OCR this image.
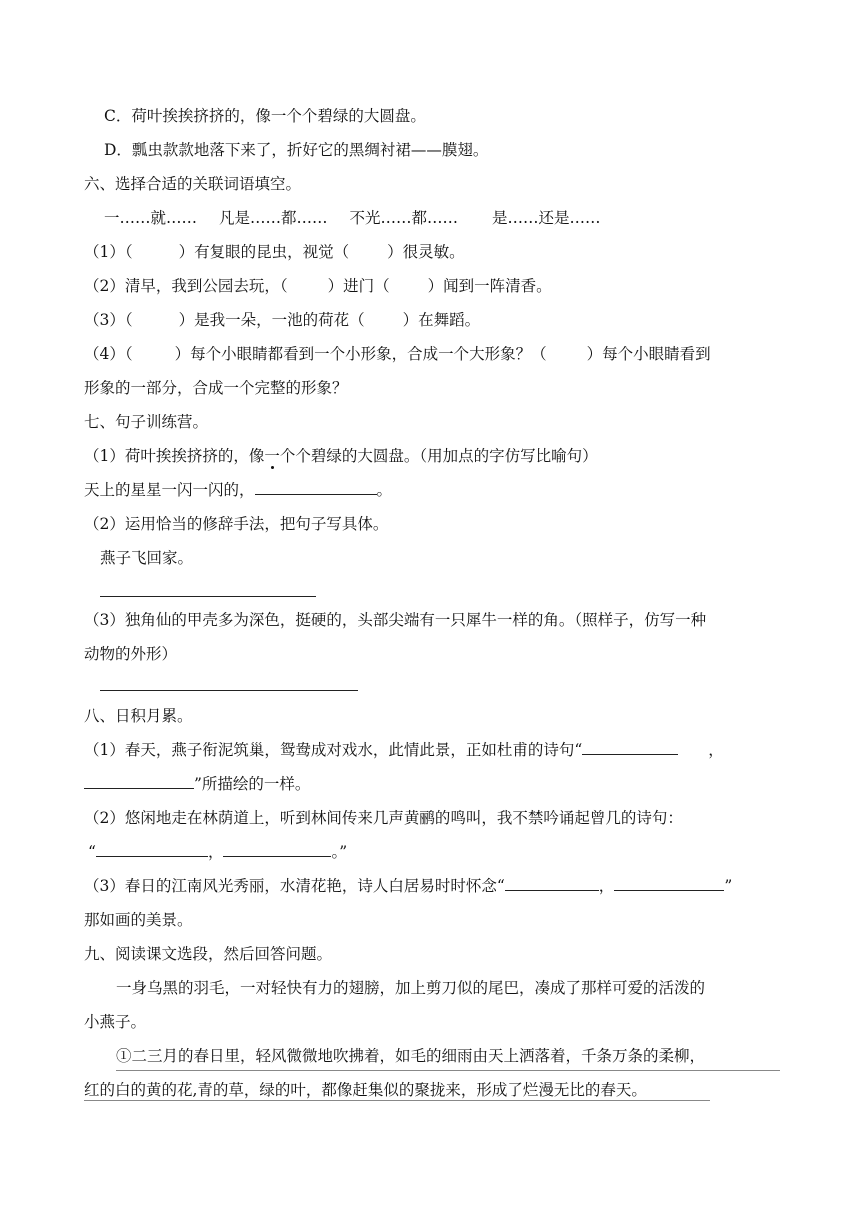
C．荷叶挨挨挤挤的，像一个个碧绿的大圆盘。
D．瓢虫款款地落下来了，折好它的黑绸衬裙——膜翅。
六、选择合适的关联词语填空。
一……就…… 凡是……都…… 不光……都…… 是……还是……
（1）（	）有复眼的昆虫，视觉（ ）很灵敏。
（2）清早，我到公园去玩，（	）进门（ ）闻到一阵清香。
（3）（	）是我一朵，一池的荷花（ ）在舞蹈。
（4）（	）每个小眼睛都看到一个小形象，合成一个大形象？（	）每个小眼睛看到
形象的一部分，合成一个完整的形象？
七、句子训练营。
（1）荷叶挨挨挤挤的，像一个个碧绿的大圆盘。（用加点的字仿写比喻句）
天上的星星一闪一闪的，	。
（2）运用恰当的修辞手法，把句子写具体。
燕子飞回家。
（3）独角仙的甲壳多为深色，挺硬的，头部尖端有一只犀牛一样的角。（照样子，仿写一种
动物的外形）
八、日积月累。
（1）春天，燕子衔泥筑巢，鸳鸯成对戏水，此情此景，正如杜甫的诗句“	，
”所描绘的一样。
（2）悠闲地走在林荫道上，听到林间传来几声黄鹂的鸣叫，我不禁吟诵起曾几的诗句：
“	，	。”
（3）春日的江南风光秀丽，水清花艳，诗人白居易时时怀念“	，	”
那如画的美景。
九、阅读课文选段，然后回答问题。
一身乌黑的羽毛，一对轻快有力的翅膀，加上剪刀似的尾巴，凑成了那样可爱的活泼的
小燕子。
①二三月的春日里，轻风微微地吹拂着，如毛的细雨由天上洒落着，千条万条的柔柳，
红的白的黄的花,青的草，绿的叶，都像赶集似的聚拢来，形成了烂漫无比的春天。
